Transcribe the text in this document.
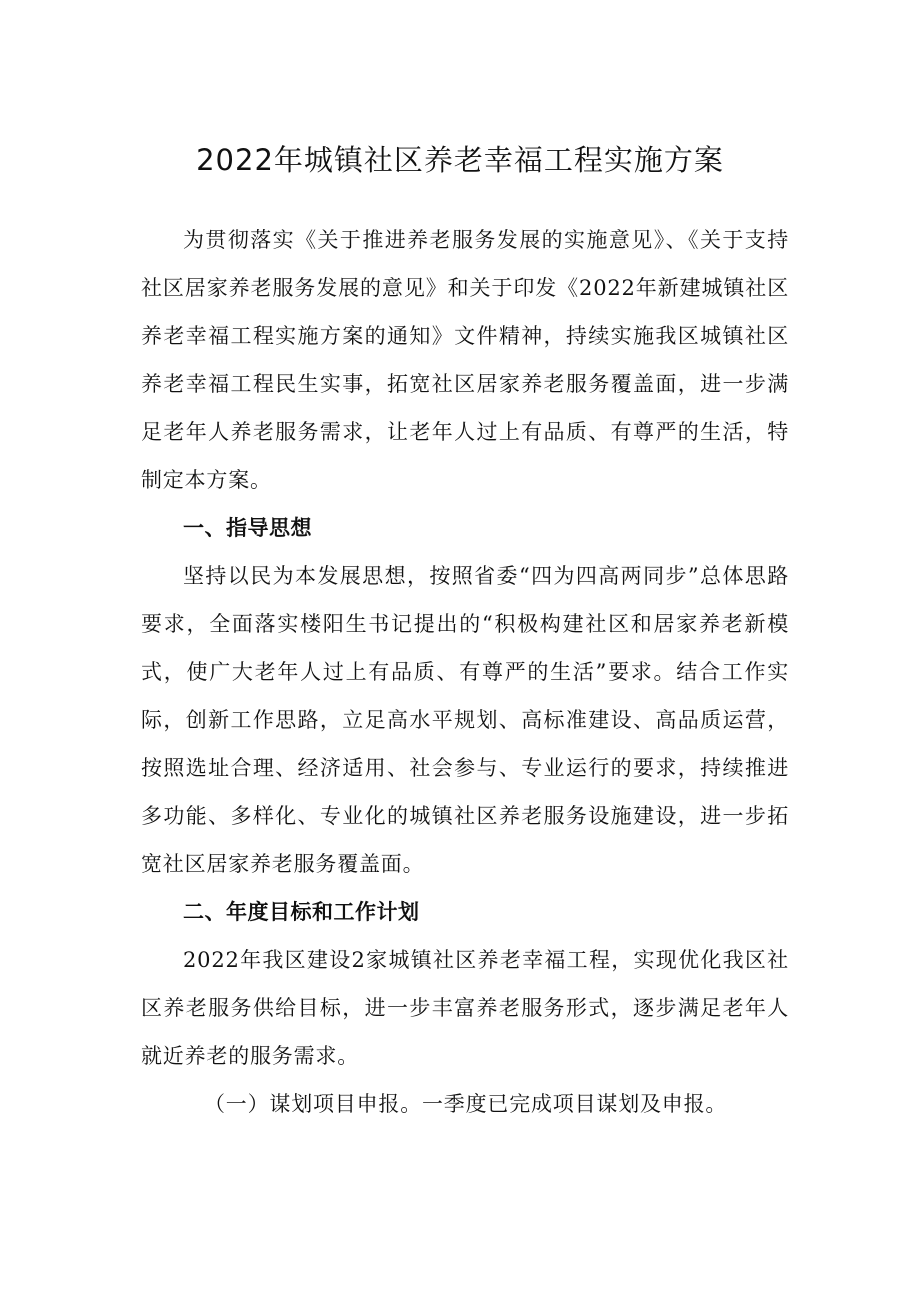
2022年城镇社区养老幸福工程实施方案

为贯彻落实《关于推进养老服务发展的实施意见》、《关于支持社区居家养老服务发展的意见》和关于印发《2022年新建城镇社区养老幸福工程实施方案的通知》文件精神，持续实施我区城镇社区养老幸福工程民生实事，拓宽社区居家养老服务覆盖面，进一步满足老年人养老服务需求，让老年人过上有品质、有尊严的生活，特制定本方案。

一、指导思想

坚持以民为本发展思想，按照省委“四为四高两同步”总体思路要求，全面落实楼阳生书记提出的“积极构建社区和居家养老新模式，使广大老年人过上有品质、有尊严的生活”要求。结合工作实际，创新工作思路，立足高水平规划、高标准建设、高品质运营，按照选址合理、经济适用、社会参与、专业运行的要求，持续推进多功能、多样化、专业化的城镇社区养老服务设施建设，进一步拓宽社区居家养老服务覆盖面。

二、年度目标和工作计划

2022年我区建设2家城镇社区养老幸福工程，实现优化我区社区养老服务供给目标，进一步丰富养老服务形式，逐步满足老年人就近养老的服务需求。

（一）谋划项目申报。一季度已完成项目谋划及申报。
